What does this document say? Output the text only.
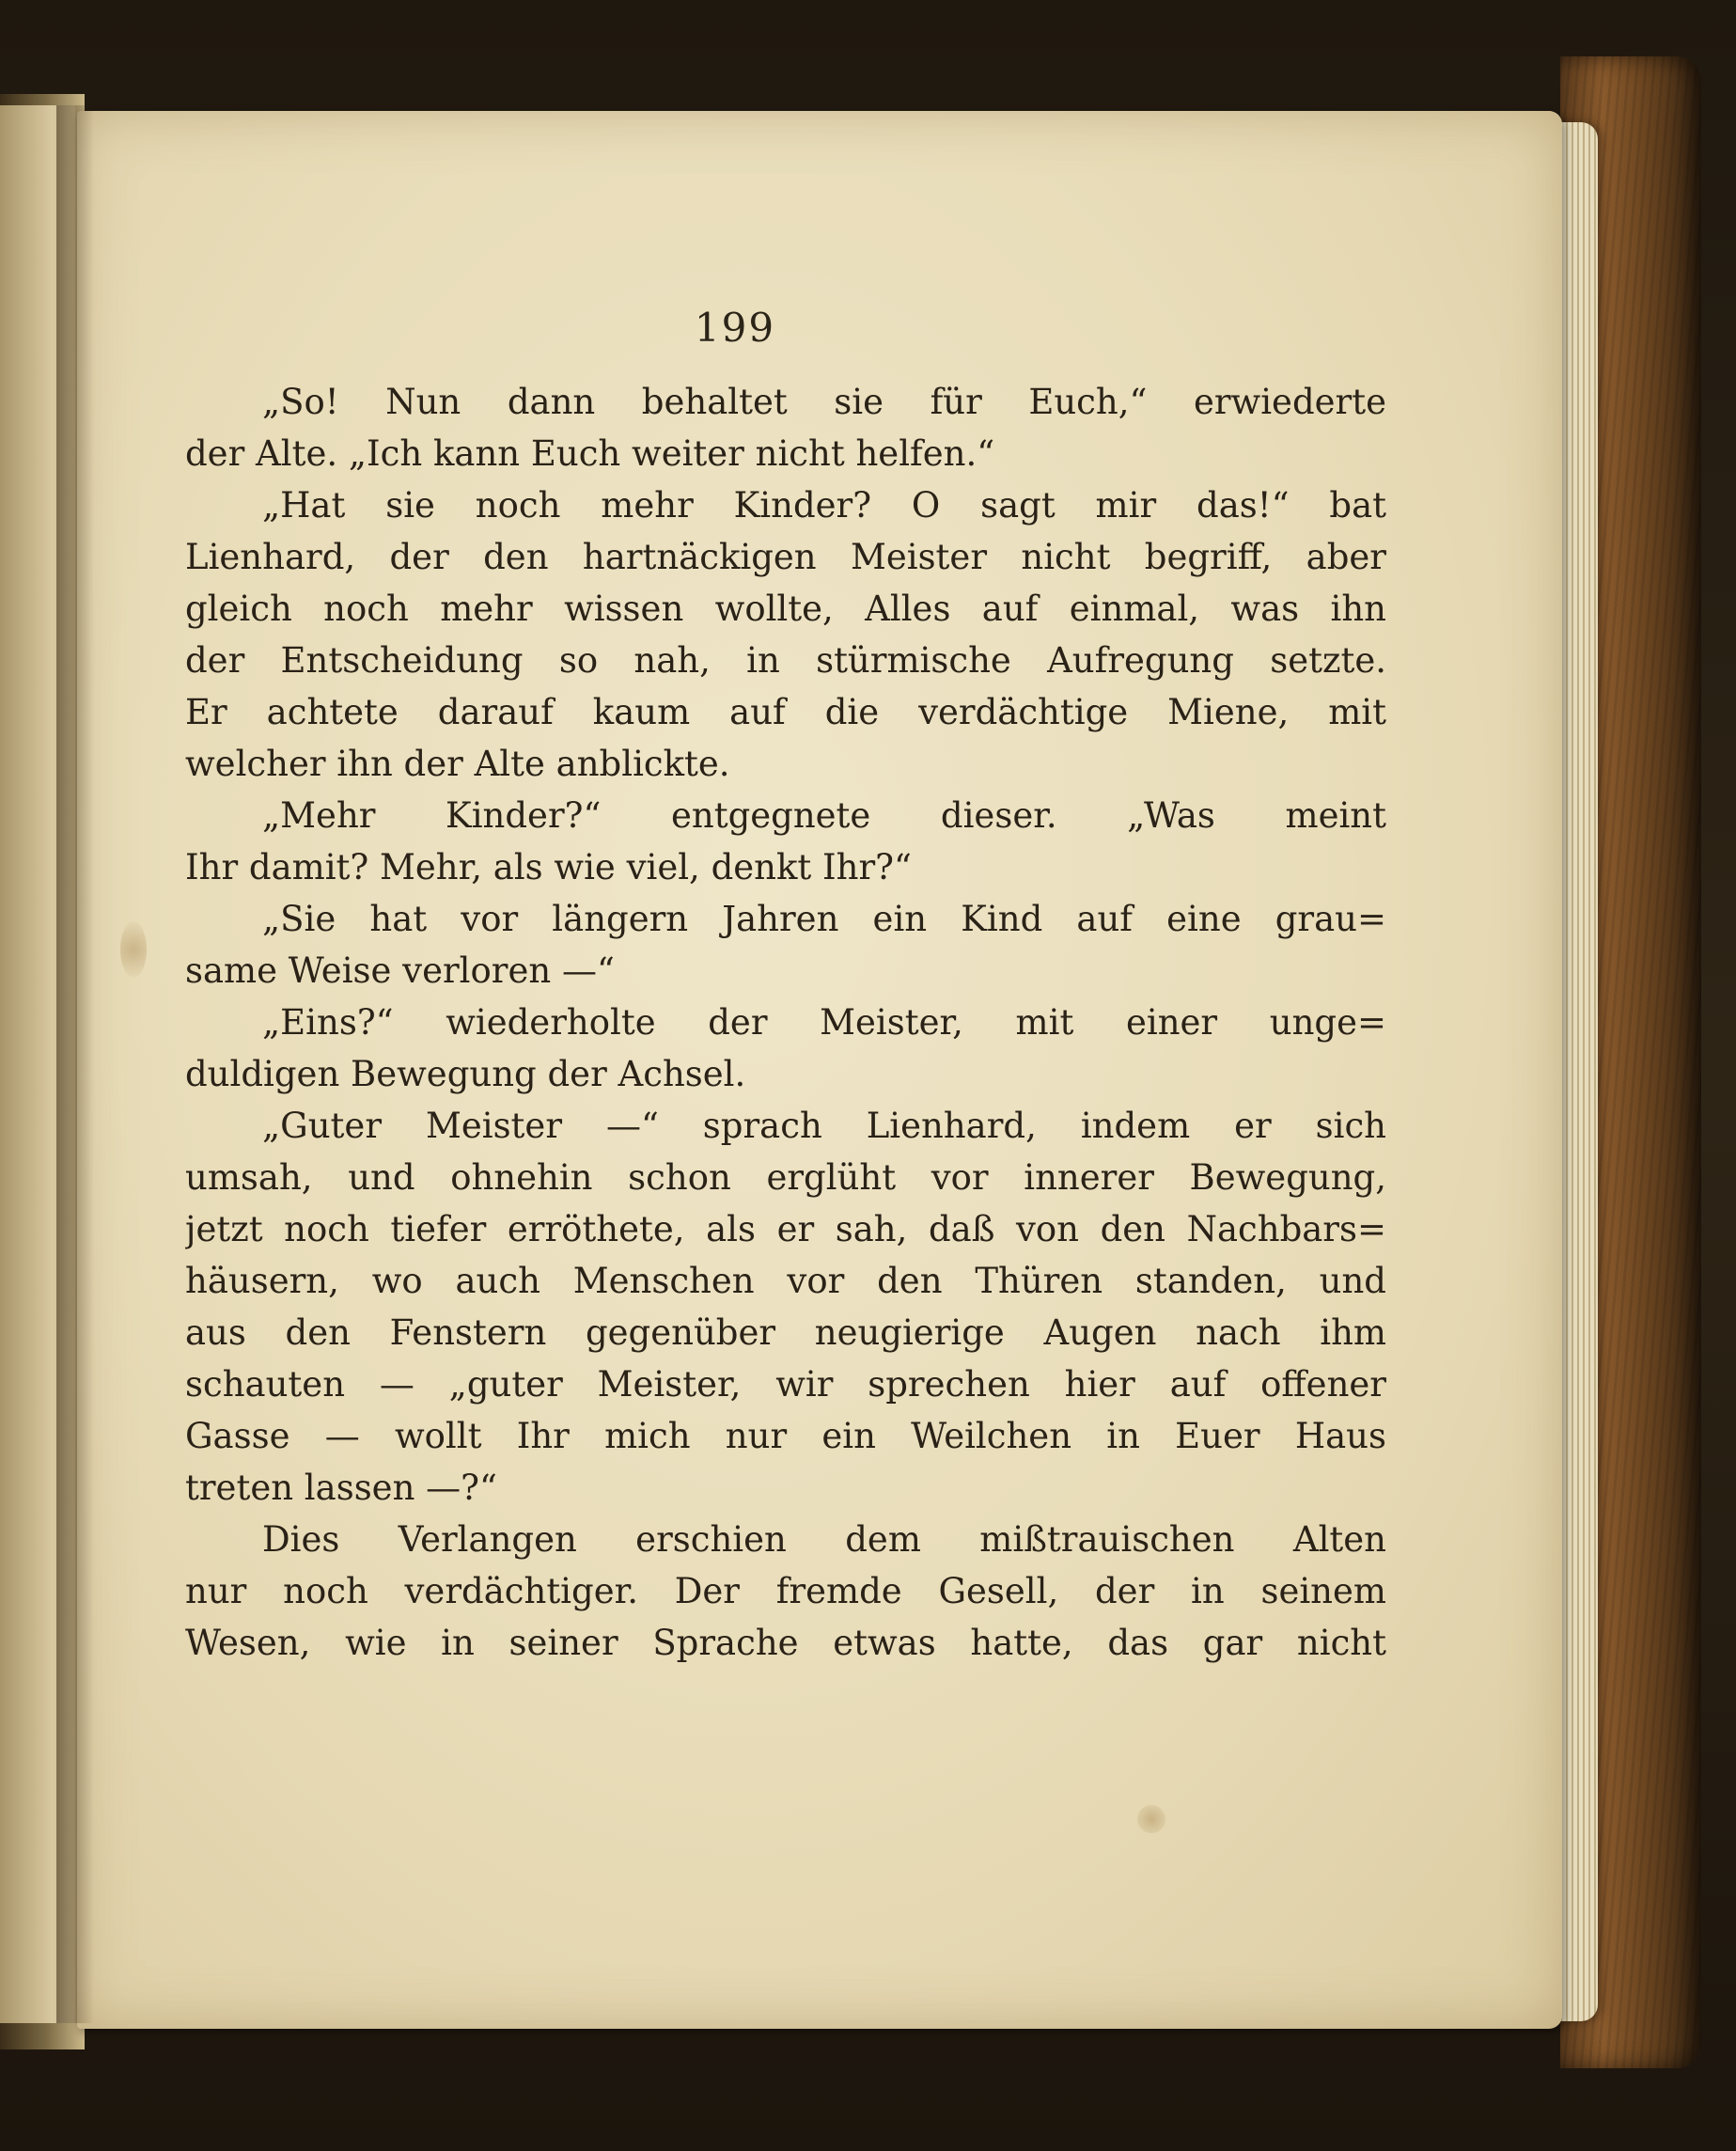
199
„So! Nun dann behaltet sie für Euch,“ erwiederte
der Alte. „Ich kann Euch weiter nicht helfen.“
„Hat sie noch mehr Kinder? O sagt mir das!“ bat
Lienhard, der den hartnäckigen Meister nicht begriff, aber
gleich noch mehr wissen wollte, Alles auf einmal, was ihn
der Entscheidung so nah, in stürmische Aufregung setzte.
Er achtete darauf kaum auf die verdächtige Miene, mit
welcher ihn der Alte anblickte.
„Mehr Kinder?“ entgegnete dieser. „Was meint
Ihr damit? Mehr, als wie viel, denkt Ihr?“
„Sie hat vor längern Jahren ein Kind auf eine grau=
same Weise verloren —“
„Eins?“ wiederholte der Meister, mit einer unge=
duldigen Bewegung der Achsel.
„Guter Meister —“ sprach Lienhard, indem er sich
umsah, und ohnehin schon erglüht vor innerer Bewegung,
jetzt noch tiefer erröthete, als er sah, daß von den Nachbars=
häusern, wo auch Menschen vor den Thüren standen, und
aus den Fenstern gegenüber neugierige Augen nach ihm
schauten — „guter Meister, wir sprechen hier auf offener
Gasse — wollt Ihr mich nur ein Weilchen in Euer Haus
treten lassen —?“
Dies Verlangen erschien dem mißtrauischen Alten
nur noch verdächtiger. Der fremde Gesell, der in seinem
Wesen, wie in seiner Sprache etwas hatte, das gar nicht
